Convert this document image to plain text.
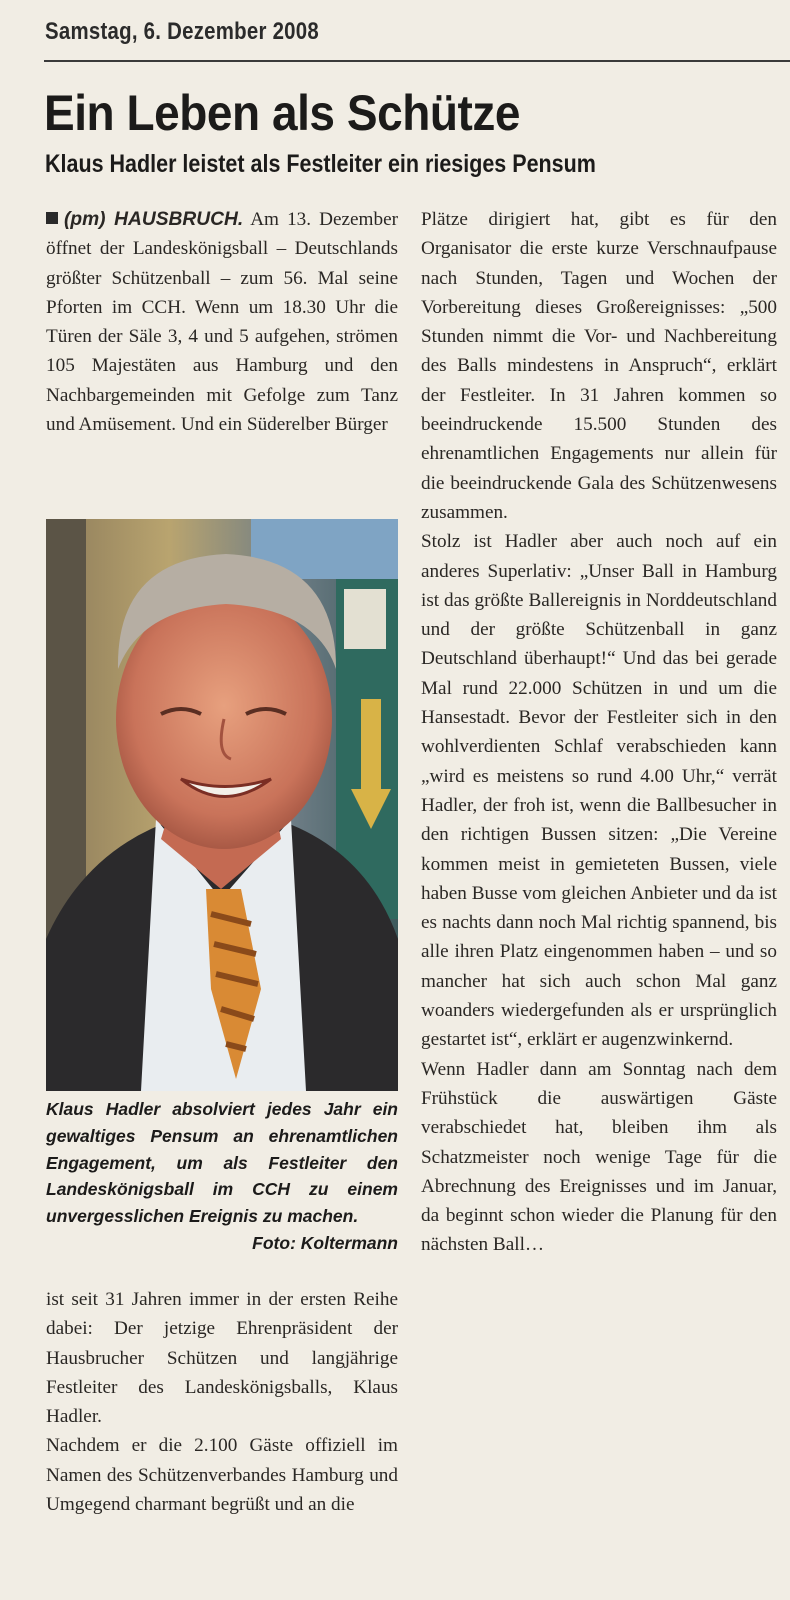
Samstag, 6. Dezember 2008
Ein Leben als Schütze
Klaus Hadler leistet als Festleiter ein riesiges Pensum

(pm) HAUSBRUCH. Am 13. Dezember öffnet der Landeskönigsball – Deutschlands größter Schützenball – zum 56. Mal seine Pforten im CCH. Wenn um 18.30 Uhr die Türen der Säle 3, 4 und 5 aufgehen, strömen 105 Majestäten aus Hamburg und den Nachbargemeinden mit Gefolge zum Tanz und Amüsement. Und ein Süderelber Bürger

Klaus Hadler absolviert jedes Jahr ein gewaltiges Pensum an ehrenamtlichen Engagement, um als Festleiter den Landeskönigsball im CCH zu einem unvergesslichen Ereignis zu machen.
Foto: Koltermann

ist seit 31 Jahren immer in der ersten Reihe dabei: Der jetzige Ehrenpräsident der Hausbrucher Schützen und langjährige Festleiter des Landeskönigsballs, Klaus Hadler.

Nachdem er die 2.100 Gäste offiziell im Namen des Schützenverbandes Hamburg und Umgegend charmant begrüßt und an die

Plätze dirigiert hat, gibt es für den Organisator die erste kurze Verschnaufpause nach Stunden, Tagen und Wochen der Vorbereitung dieses Großereignisses: „500 Stunden nimmt die Vor- und Nachbereitung des Balls mindestens in Anspruch“, erklärt der Festleiter. In 31 Jahren kommen so beeindruckende 15.500 Stunden des ehrenamtlichen Engagements nur allein für die beeindruckende Gala des Schützenwesens zusammen.

Stolz ist Hadler aber auch noch auf ein anderes Superlativ: „Unser Ball in Hamburg ist das größte Ballereignis in Norddeutschland und der größte Schützenball in ganz Deutschland überhaupt!“ Und das bei gerade Mal rund 22.000 Schützen in und um die Hansestadt. Bevor der Festleiter sich in den wohlverdienten Schlaf verabschieden kann „wird es meistens so rund 4.00 Uhr,“ verrät Hadler, der froh ist, wenn die Ballbesucher in den richtigen Bussen sitzen: „Die Vereine kommen meist in gemieteten Bussen, viele haben Busse vom gleichen Anbieter und da ist es nachts dann noch Mal richtig spannend, bis alle ihren Platz eingenommen haben – und so mancher hat sich auch schon Mal ganz woanders wiedergefunden als er ursprünglich gestartet ist“, erklärt er augenzwinkernd.

Wenn Hadler dann am Sonntag nach dem Frühstück die auswärtigen Gäste verabschiedet hat, bleiben ihm als Schatzmeister noch wenige Tage für die Abrechnung des Ereignisses und im Januar, da beginnt schon wieder die Planung für den nächsten Ball…
